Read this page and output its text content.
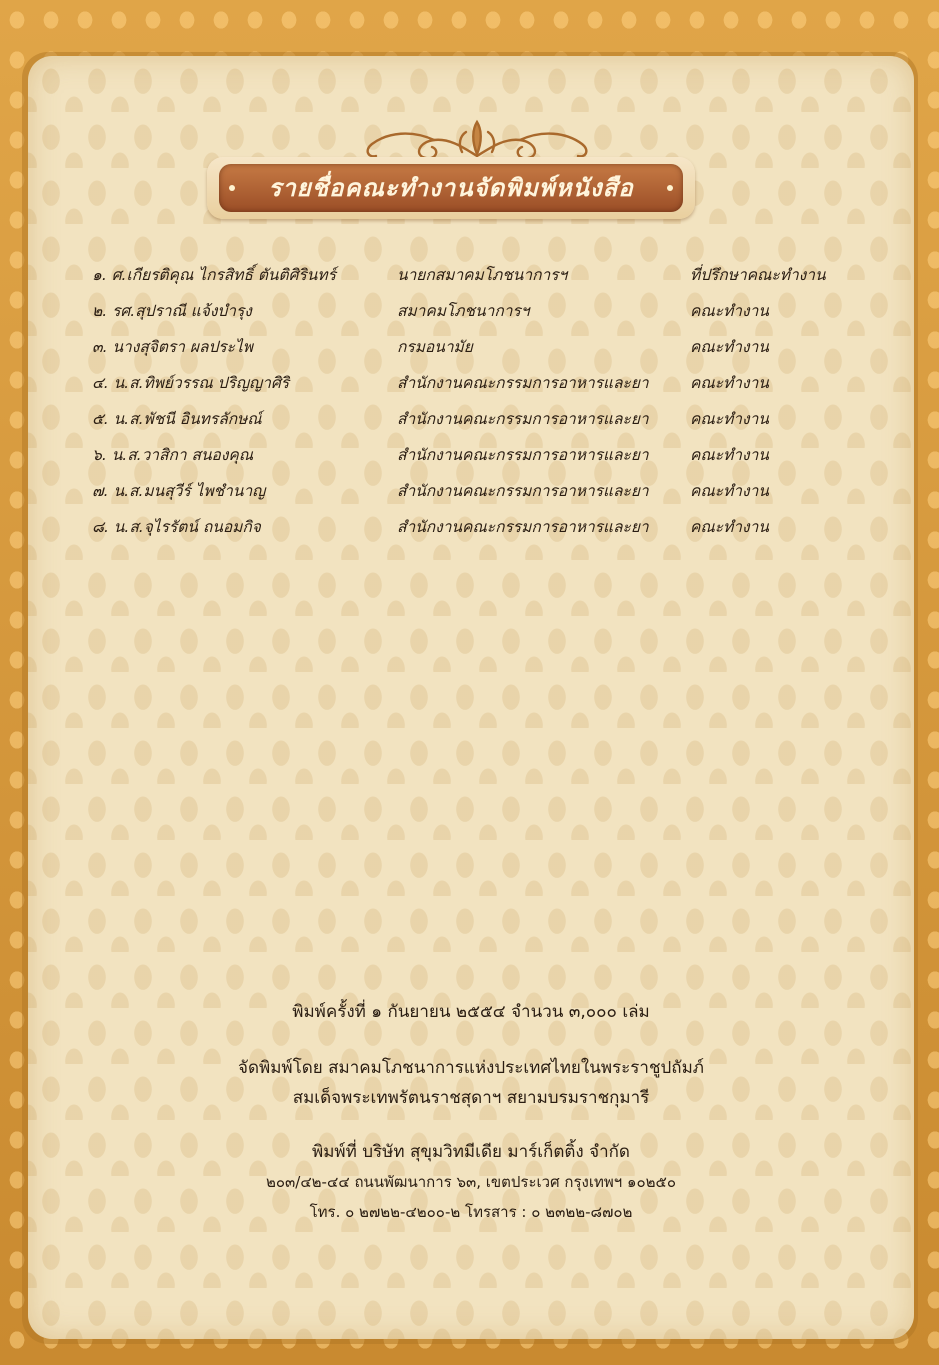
รายชื่อคณะทำงานจัดพิมพ์หนังสือ
๑. ศ.เกียรติคุณ ไกรสิทธิ์ ตันติศิรินทร์	นายกสมาคมโภชนาการฯ	ที่ปรึกษาคณะทำงาน
๒. รศ.สุปราณี แจ้งบำรุง	สมาคมโภชนาการฯ	คณะทำงาน
๓. นางสุจิตรา ผลประไพ	กรมอนามัย	คณะทำงาน
๔. น.ส.ทิพย์วรรณ ปริญญาศิริ	สำนักงานคณะกรรมการอาหารและยา	คณะทำงาน
๕. น.ส.พัชนี อินทรลักษณ์	สำนักงานคณะกรรมการอาหารและยา	คณะทำงาน
๖. น.ส.วาสิกา สนองคุณ	สำนักงานคณะกรรมการอาหารและยา	คณะทำงาน
๗. น.ส.มนสุวีร์ ไพชำนาญ	สำนักงานคณะกรรมการอาหารและยา	คณะทำงาน
๘. น.ส.จุไรรัตน์ ถนอมกิจ	สำนักงานคณะกรรมการอาหารและยา	คณะทำงาน
พิมพ์ครั้งที่ ๑ กันยายน ๒๕๕๔ จำนวน ๓,๐๐๐ เล่ม
จัดพิมพ์โดย สมาคมโภชนาการแห่งประเทศไทยในพระราชูปถัมภ์
สมเด็จพระเทพรัตนราชสุดาฯ สยามบรมราชกุมารี
พิมพ์ที่ บริษัท สุขุมวิทมีเดีย มาร์เก็ตติ้ง จำกัด
๒๐๓/๔๒-๔๔ ถนนพัฒนาการ ๖๓, เขตประเวศ กรุงเทพฯ ๑๐๒๕๐
โทร. ๐ ๒๗๒๒-๔๒๐๐-๒ โทรสาร : ๐ ๒๓๒๒-๘๗๐๒
